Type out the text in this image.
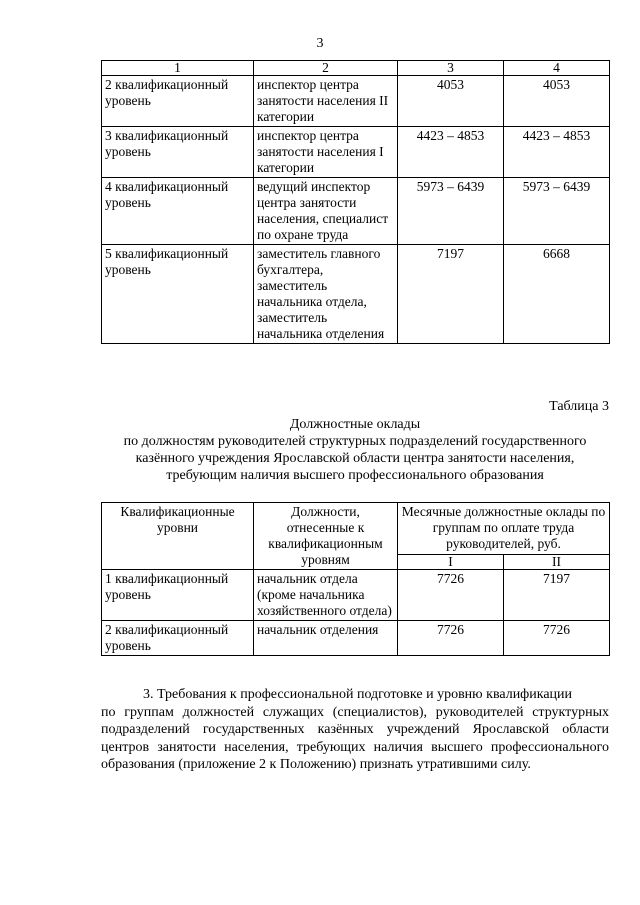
3
1	2	3	4
2 квалификационный уровень	инспектор центра занятости населения II категории	4053	4053
3 квалификационный уровень	инспектор центра занятости населения I категории	4423 – 4853	4423 – 4853
4 квалификационный уровень	ведущий инспектор центра занятости населения, специалист по охране труда	5973 – 6439	5973 – 6439
5 квалификационный уровень	заместитель главного бухгалтера, заместитель начальника отдела, заместитель начальника отделения	7197	6668
Таблица 3
Должностные оклады
по должностям руководителей структурных подразделений государственного казённого учреждения Ярославской области центра занятости населения, требующим наличия высшего профессионального образования
Квалификационные уровни	Должности, отнесенные к квалификационным уровням	Месячные должностные оклады по группам по оплате труда руководителей, руб.	
		I	II
1 квалификационный уровень	начальник отдела (кроме начальника хозяйственного отдела)	7726	7197
2 квалификационный уровень	начальник отделения	7726	7726
3. Требования к профессиональной подготовке и уровню квалификации
по группам должностей служащих (специалистов), руководителей структурных подразделений государственных казённых учреждений Ярославской области центров занятости населения, требующих наличия высшего профессионального образования (приложение 2 к Положению) признать утратившими силу.
